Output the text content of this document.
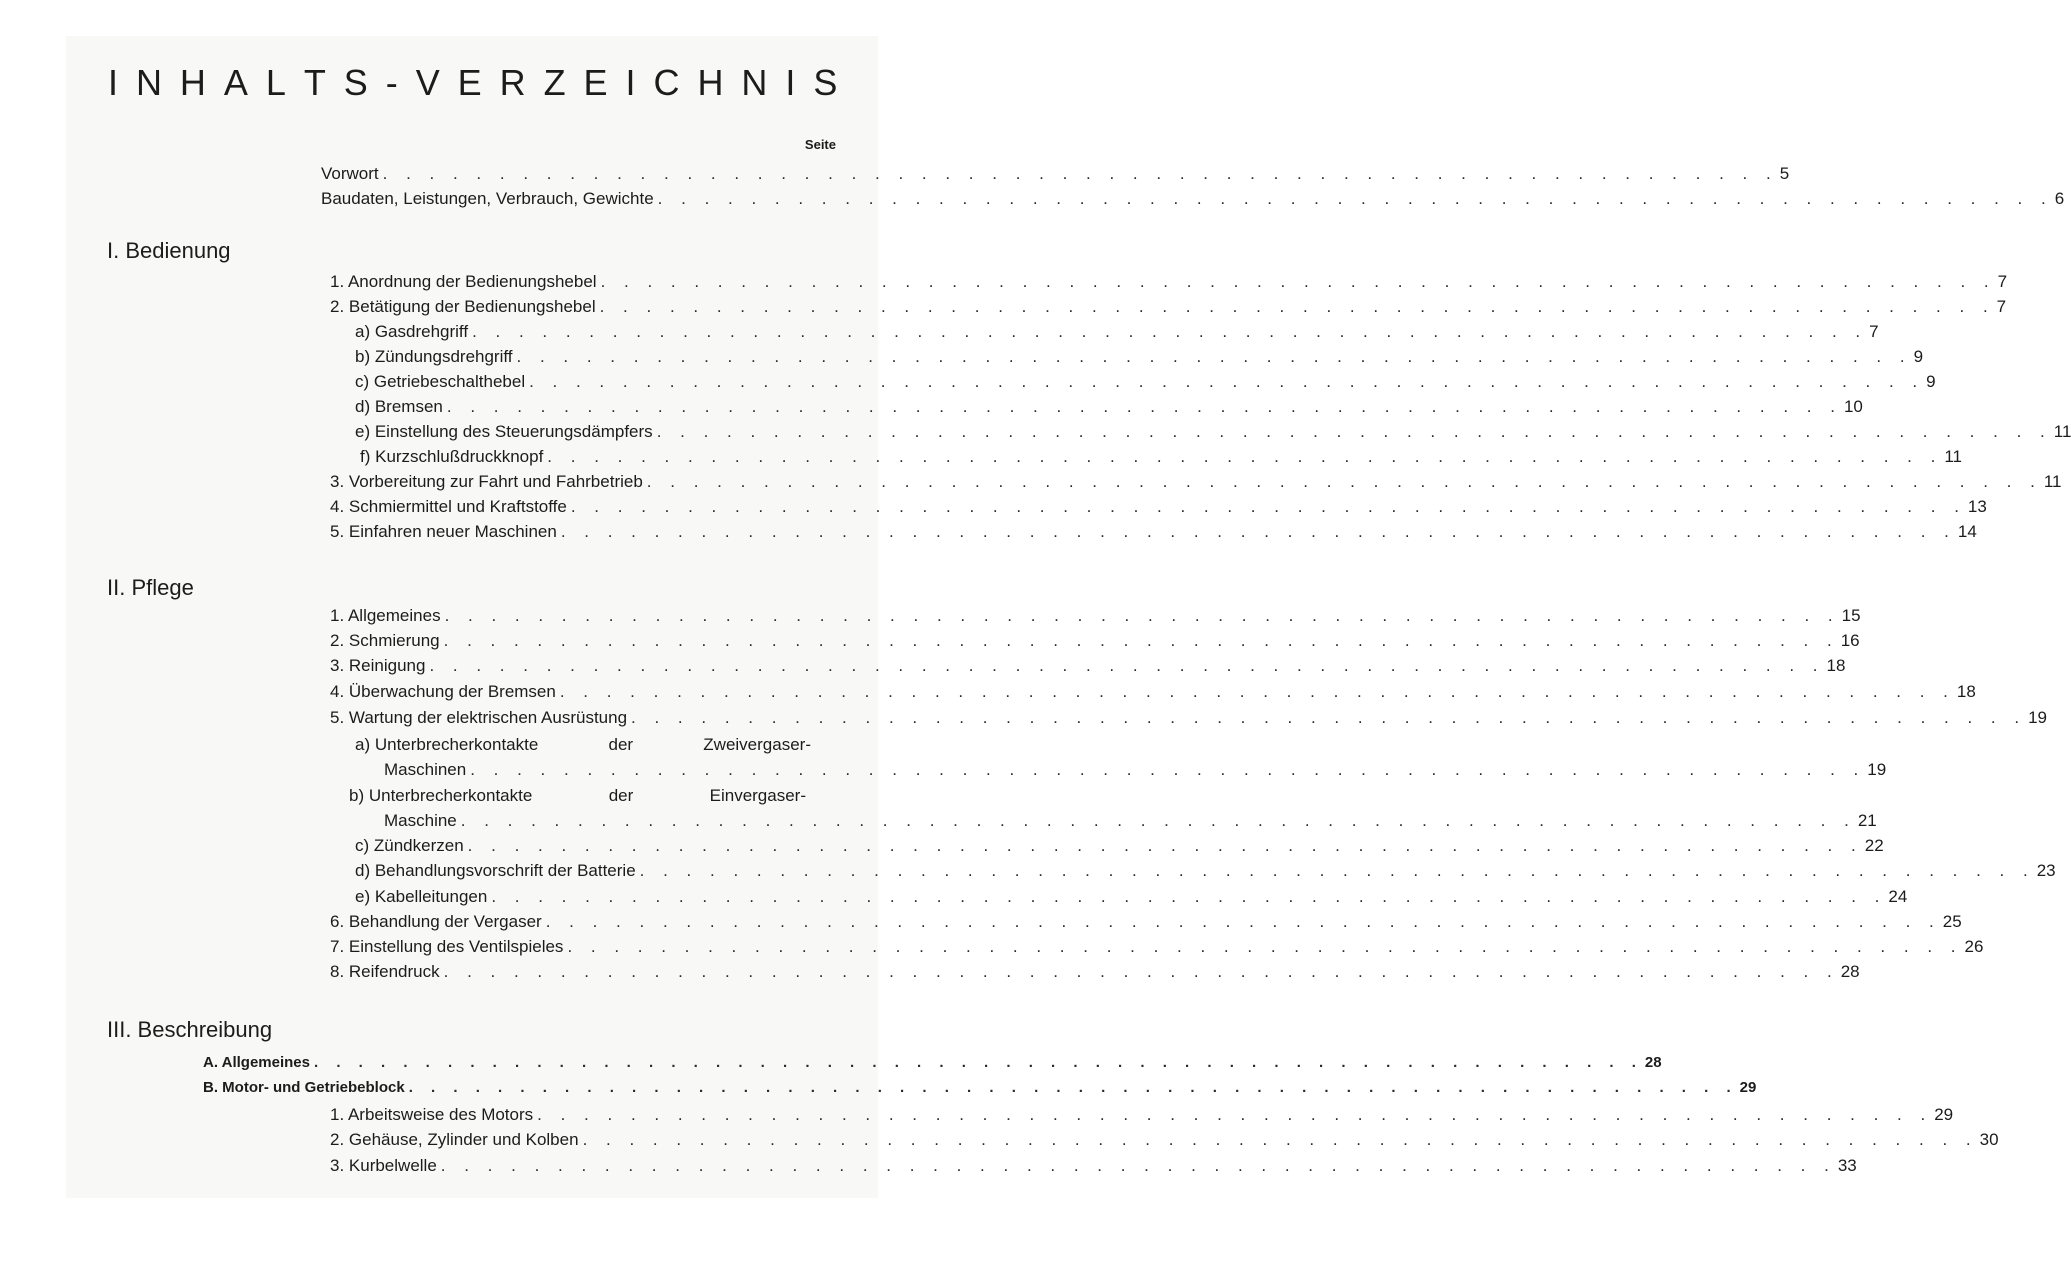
I N H A L T S - V E R Z E I C H N I S
Seite
Vorwort . . . . . . . . . . . . . . . . . . . . . . . . . . . . . . . . . . . . . . . . . . . . . . . . . . . . . . . . . . . . 5
Baudaten, Leistungen, Verbrauch, Gewichte . . . . . . . . . . . . . . . . . . . . . . . . . . . . . . . . . . . . . . . . . . . . . . . . . . . . . . . . . . . . 6
I. Bedienung
1. Anordnung der Bedienungshebel . . . . . . . . . . . . . . . . . . . . . . . . . . . . . . . . . . . . . . . . . . . . . . . . . . . . . . . . . . . . 7
2. Betätigung der Bedienungshebel . . . . . . . . . . . . . . . . . . . . . . . . . . . . . . . . . . . . . . . . . . . . . . . . . . . . . . . . . . . . 7
a) Gasdrehgriff . . . . . . . . . . . . . . . . . . . . . . . . . . . . . . . . . . . . . . . . . . . . . . . . . . . . . . . . . . . . 7
b) Zündungsdrehgriff . . . . . . . . . . . . . . . . . . . . . . . . . . . . . . . . . . . . . . . . . . . . . . . . . . . . . . . . . . . . 9
c) Getriebeschalthebel . . . . . . . . . . . . . . . . . . . . . . . . . . . . . . . . . . . . . . . . . . . . . . . . . . . . . . . . . . . . 9
d) Bremsen . . . . . . . . . . . . . . . . . . . . . . . . . . . . . . . . . . . . . . . . . . . . . . . . . . . . . . . . . . . . 10
e) Einstellung des Steuerungsdämpfers . . . . . . . . . . . . . . . . . . . . . . . . . . . . . . . . . . . . . . . . . . . . . . . . . . . . . . . . . . . . 11
f) Kurzschlußdruckknopf . . . . . . . . . . . . . . . . . . . . . . . . . . . . . . . . . . . . . . . . . . . . . . . . . . . . . . . . . . . . 11
3. Vorbereitung zur Fahrt und Fahrbetrieb . . . . . . . . . . . . . . . . . . . . . . . . . . . . . . . . . . . . . . . . . . . . . . . . . . . . . . . . . . . . 11
4. Schmiermittel und Kraftstoffe . . . . . . . . . . . . . . . . . . . . . . . . . . . . . . . . . . . . . . . . . . . . . . . . . . . . . . . . . . . . 13
5. Einfahren neuer Maschinen . . . . . . . . . . . . . . . . . . . . . . . . . . . . . . . . . . . . . . . . . . . . . . . . . . . . . . . . . . . . 14
II. Pflege
1. Allgemeines . . . . . . . . . . . . . . . . . . . . . . . . . . . . . . . . . . . . . . . . . . . . . . . . . . . . . . . . . . . . 15
2. Schmierung . . . . . . . . . . . . . . . . . . . . . . . . . . . . . . . . . . . . . . . . . . . . . . . . . . . . . . . . . . . . 16
3. Reinigung . . . . . . . . . . . . . . . . . . . . . . . . . . . . . . . . . . . . . . . . . . . . . . . . . . . . . . . . . . . . 18
4. Überwachung der Bremsen . . . . . . . . . . . . . . . . . . . . . . . . . . . . . . . . . . . . . . . . . . . . . . . . . . . . . . . . . . . . 18
5. Wartung der elektrischen Ausrüstung . . . . . . . . . . . . . . . . . . . . . . . . . . . . . . . . . . . . . . . . . . . . . . . . . . . . . . . . . . . . 19
a) Unterbrecherkontakte	der	Zweivergaser-
Maschinen . . . . . . . . . . . . . . . . . . . . . . . . . . . . . . . . . . . . . . . . . . . . . . . . . . . . . . . . . . . . 19
b) Unterbrecherkontakte	der	Einvergaser-
Maschine . . . . . . . . . . . . . . . . . . . . . . . . . . . . . . . . . . . . . . . . . . . . . . . . . . . . . . . . . . . . 21
c) Zündkerzen . . . . . . . . . . . . . . . . . . . . . . . . . . . . . . . . . . . . . . . . . . . . . . . . . . . . . . . . . . . . 22
d) Behandlungsvorschrift der Batterie . . . . . . . . . . . . . . . . . . . . . . . . . . . . . . . . . . . . . . . . . . . . . . . . . . . . . . . . . . . . 23
e) Kabelleitungen . . . . . . . . . . . . . . . . . . . . . . . . . . . . . . . . . . . . . . . . . . . . . . . . . . . . . . . . . . . . 24
6. Behandlung der Vergaser . . . . . . . . . . . . . . . . . . . . . . . . . . . . . . . . . . . . . . . . . . . . . . . . . . . . . . . . . . . . 25
7. Einstellung des Ventilspieles . . . . . . . . . . . . . . . . . . . . . . . . . . . . . . . . . . . . . . . . . . . . . . . . . . . . . . . . . . . . 26
8. Reifendruck . . . . . . . . . . . . . . . . . . . . . . . . . . . . . . . . . . . . . . . . . . . . . . . . . . . . . . . . . . . . 28
III. Beschreibung
A. Allgemeines . . . . . . . . . . . . . . . . . . . . . . . . . . . . . . . . . . . . . . . . . . . . . . . . . . . . . . . . . . . . 28
B. Motor- und Getriebeblock . . . . . . . . . . . . . . . . . . . . . . . . . . . . . . . . . . . . . . . . . . . . . . . . . . . . . . . . . . . . 29
1. Arbeitsweise des Motors . . . . . . . . . . . . . . . . . . . . . . . . . . . . . . . . . . . . . . . . . . . . . . . . . . . . . . . . . . . . 29
2. Gehäuse, Zylinder und Kolben . . . . . . . . . . . . . . . . . . . . . . . . . . . . . . . . . . . . . . . . . . . . . . . . . . . . . . . . . . . . 30
3. Kurbelwelle . . . . . . . . . . . . . . . . . . . . . . . . . . . . . . . . . . . . . . . . . . . . . . . . . . . . . . . . . . . . 33
